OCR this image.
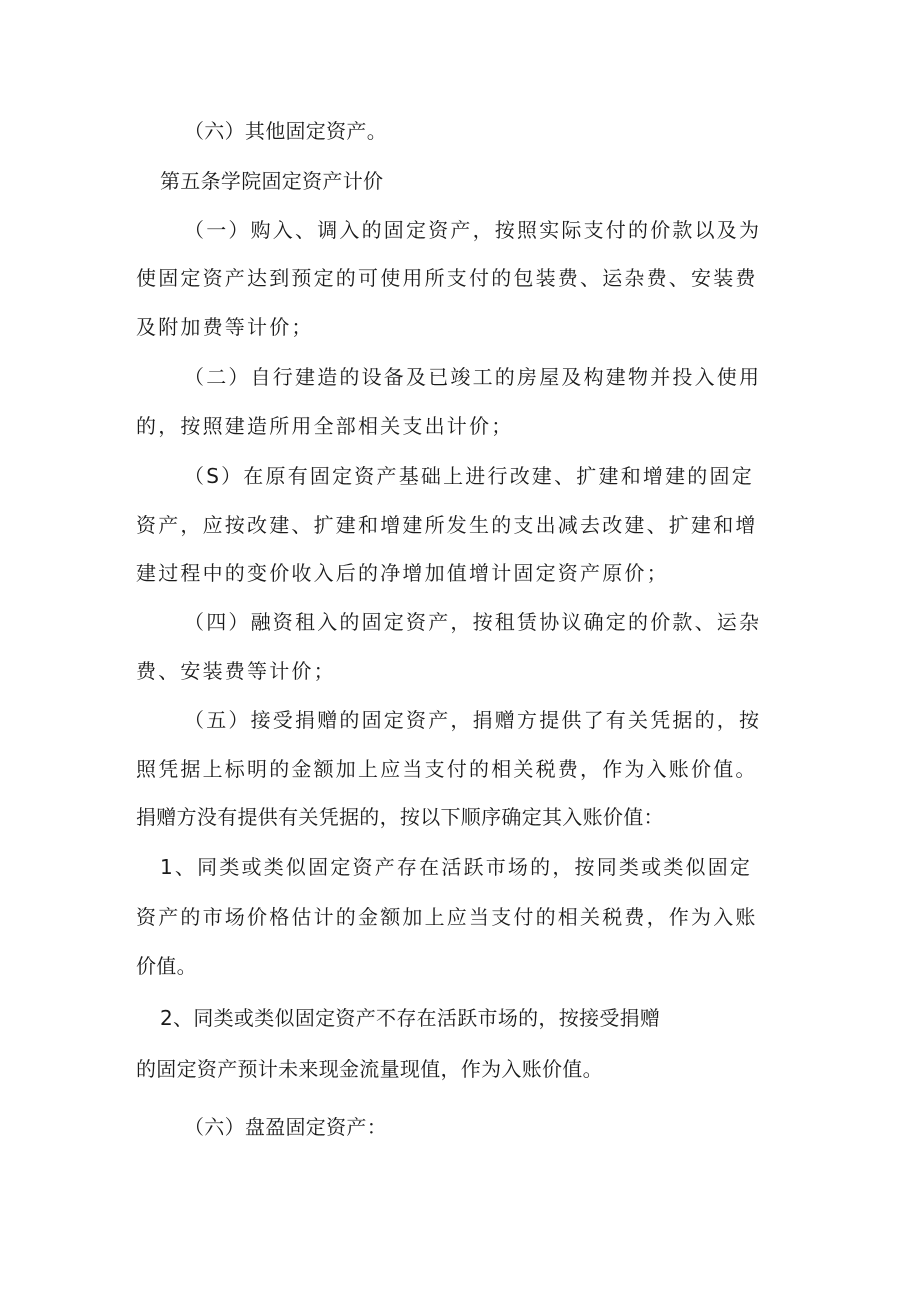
（六）其他固定资产。
第五条学院固定资产计价
（一）购入、调入的固定资产，按照实际支付的价款以及为
使固定资产达到预定的可使用所支付的包装费、运杂费、安装费
及附加费等计价；
（二）自行建造的设备及已竣工的房屋及构建物并投入使用
的，按照建造所用全部相关支出计价；
（S）在原有固定资产基础上进行改建、扩建和增建的固定
资产，应按改建、扩建和增建所发生的支出减去改建、扩建和增
建过程中的变价收入后的净增加值增计固定资产原价；
（四）融资租入的固定资产，按租赁协议确定的价款、运杂
费、安装费等计价；
（五）接受捐赠的固定资产，捐赠方提供了有关凭据的，按
照凭据上标明的金额加上应当支付的相关税费，作为入账价值。
捐赠方没有提供有关凭据的，按以下顺序确定其入账价值：
1、同类或类似固定资产存在活跃市场的，按同类或类似固定
资产的市场价格估计的金额加上应当支付的相关税费，作为入账
价值。
2、同类或类似固定资产不存在活跃市场的，按接受捐赠
的固定资产预计未来现金流量现值，作为入账价值。
（六）盘盈固定资产：
